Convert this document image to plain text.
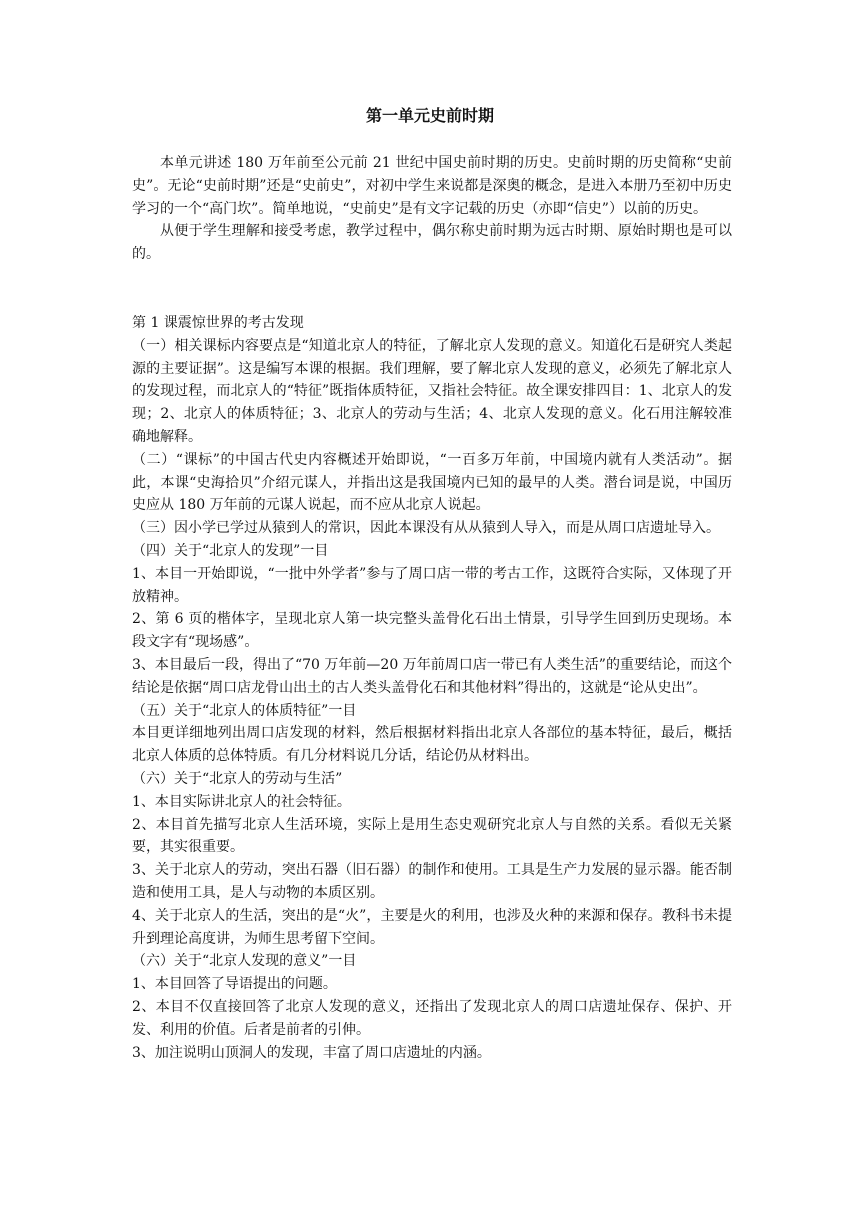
第一单元史前时期

本单元讲述 180 万年前至公元前 21 世纪中国史前时期的历史。史前时期的历史简称“史前史”。无论“史前时期”还是“史前史”，对初中学生来说都是深奥的概念，是进入本册乃至初中历史学习的一个“高门坎”。简单地说，“史前史”是有文字记载的历史（亦即“信史”）以前的历史。

从便于学生理解和接受考虑，教学过程中，偶尔称史前时期为远古时期、原始时期也是可以的。

第 1 课震惊世界的考古发现

（一）相关课标内容要点是“知道北京人的特征，了解北京人发现的意义。知道化石是研究人类起源的主要证据”。这是编写本课的根据。我们理解，要了解北京人发现的意义，必须先了解北京人的发现过程，而北京人的“特征”既指体质特征，又指社会特征。故全课安排四目：1、北京人的发现；2、北京人的体质特征；3、北京人的劳动与生活；4、北京人发现的意义。化石用注解较准确地解释。

（二）“课标”的中国古代史内容概述开始即说，“一百多万年前，中国境内就有人类活动”。据此，本课“史海拾贝”介绍元谋人，并指出这是我国境内已知的最早的人类。潜台词是说，中国历史应从 180 万年前的元谋人说起，而不应从北京人说起。

（三）因小学已学过从猿到人的常识，因此本课没有从从猿到人导入，而是从周口店遗址导入。

（四）关于“北京人的发现”一目

1、本目一开始即说，“一批中外学者”参与了周口店一带的考古工作，这既符合实际，又体现了开放精神。

2、第 6 页的楷体字，呈现北京人第一块完整头盖骨化石出土情景，引导学生回到历史现场。本段文字有“现场感”。

3、本目最后一段，得出了“70 万年前—20 万年前周口店一带已有人类生活”的重要结论，而这个结论是依据“周口店龙骨山出土的古人类头盖骨化石和其他材料”得出的，这就是“论从史出”。

（五）关于“北京人的体质特征”一目

本目更详细地列出周口店发现的材料，然后根据材料指出北京人各部位的基本特征，最后，概括北京人体质的总体特质。有几分材料说几分话，结论仍从材料出。

（六）关于“北京人的劳动与生活”

1、本目实际讲北京人的社会特征。

2、本目首先描写北京人生活环境，实际上是用生态史观研究北京人与自然的关系。看似无关紧要，其实很重要。

3、关于北京人的劳动，突出石器（旧石器）的制作和使用。工具是生产力发展的显示器。能否制造和使用工具，是人与动物的本质区别。

4、关于北京人的生活，突出的是“火”，主要是火的利用，也涉及火种的来源和保存。教科书未提升到理论高度讲，为师生思考留下空间。

（六）关于“北京人发现的意义”一目

1、本目回答了导语提出的问题。

2、本目不仅直接回答了北京人发现的意义，还指出了发现北京人的周口店遗址保存、保护、开发、利用的价值。后者是前者的引伸。

3、加注说明山顶洞人的发现，丰富了周口店遗址的内涵。
